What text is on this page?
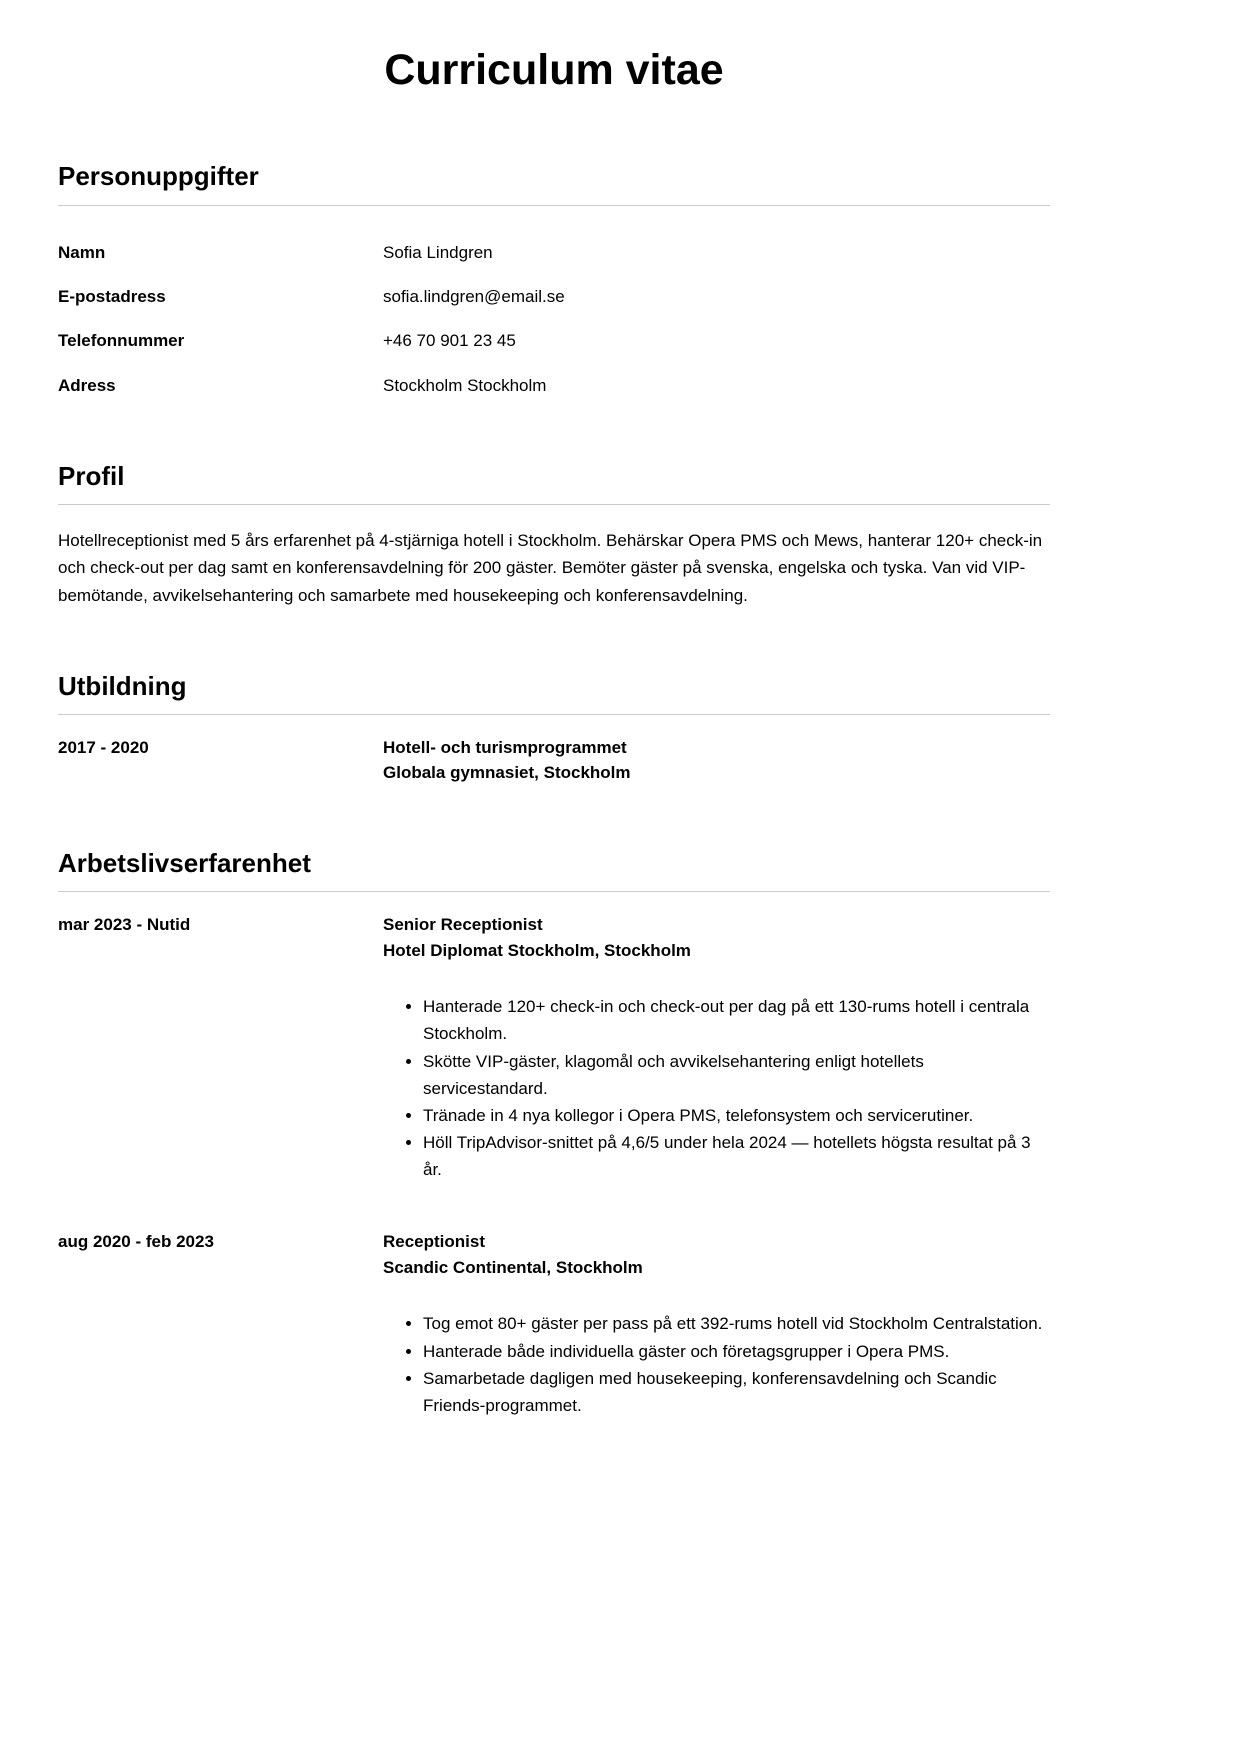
Curriculum vitae
Personuppgifter
Namn	Sofia Lindgren
E-postadress	sofia.lindgren@email.se
Telefonnummer	+46 70 901 23 45
Adress	Stockholm Stockholm
Profil

Hotellreceptionist med 5 års erfarenhet på 4-stjärniga hotell i Stockholm. Behärskar Opera PMS och Mews, hanterar 120+ check-in och check-out per dag samt en konferensavdelning för 200 gäster. Bemöter gäster på svenska, engelska och tyska. Van vid VIP-bemötande, avvikelsehantering och samarbete med housekeeping och konferensavdelning.

Utbildning
2017 - 2020	Hotell- och turismprogrammet
Globala gymnasiet, Stockholm
Arbetslivserfarenhet
mar 2023 - Nutid	Senior Receptionist
Hotel Diplomat Stockholm, Stockholm
• Hanterade 120+ check-in och check-out per dag på ett 130-rums hotell i centrala Stockholm.
• Skötte VIP-gäster, klagomål och avvikelsehantering enligt hotellets servicestandard.
• Tränade in 4 nya kollegor i Opera PMS, telefonsystem och servicerutiner.
• Höll TripAdvisor-snittet på 4,6/5 under hela 2024 — hotellets högsta resultat på 3 år.
aug 2020 - feb 2023	Receptionist
Scandic Continental, Stockholm
• Tog emot 80+ gäster per pass på ett 392-rums hotell vid Stockholm Centralstation.
• Hanterade både individuella gäster och företagsgrupper i Opera PMS.
• Samarbetade dagligen med housekeeping, konferensavdelning och Scandic Friends-programmet.
